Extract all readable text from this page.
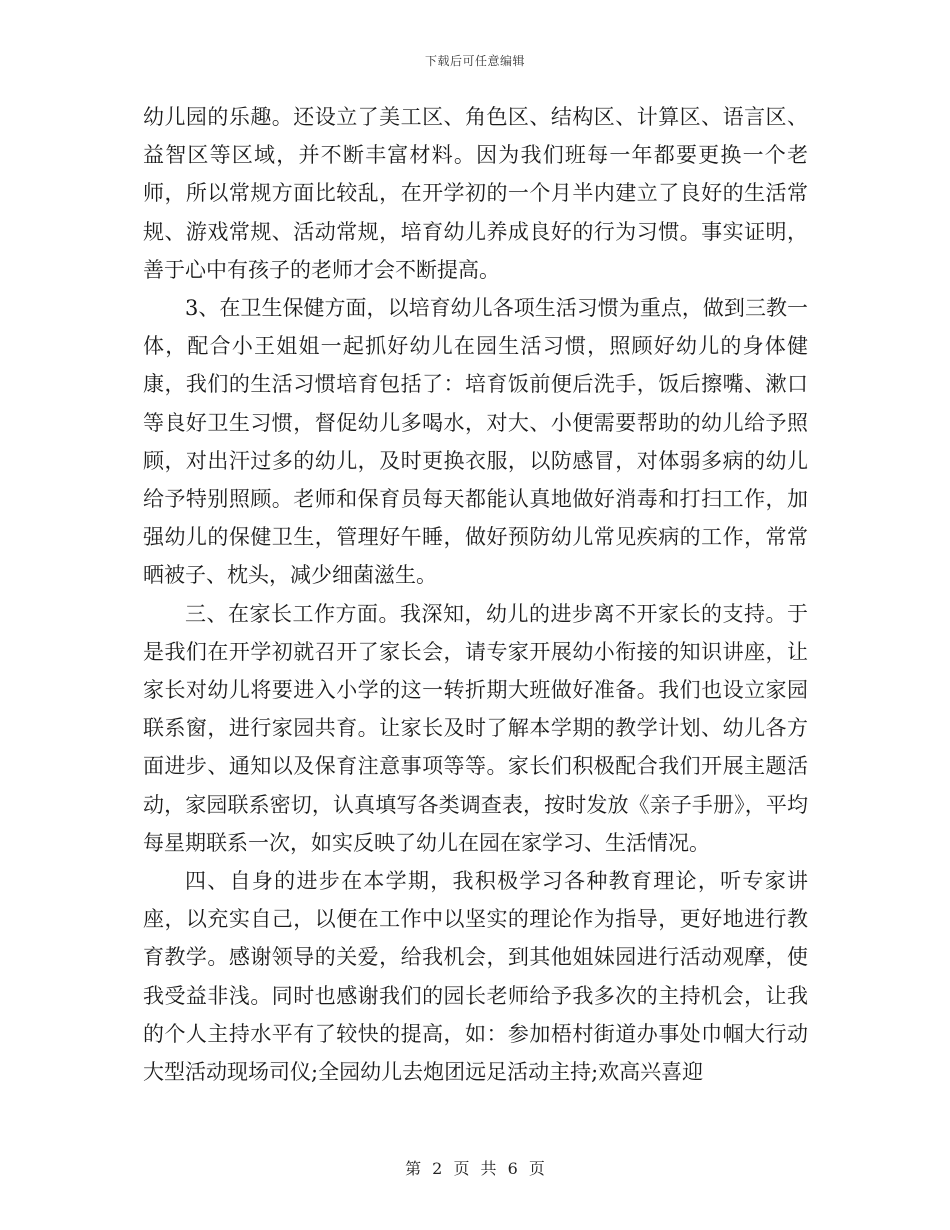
下载后可任意编辑

幼儿园的乐趣。还设立了美工区、角色区、结构区、计算区、语言区、益智区等区域，并不断丰富材料。因为我们班每一年都要更换一个老师，所以常规方面比较乱，在开学初的一个月半内建立了良好的生活常规、游戏常规、活动常规，培育幼儿养成良好的行为习惯。事实证明，善于心中有孩子的老师才会不断提高。

3、在卫生保健方面，以培育幼儿各项生活习惯为重点，做到三教一体，配合小王姐姐一起抓好幼儿在园生活习惯，照顾好幼儿的身体健康，我们的生活习惯培育包括了：培育饭前便后洗手，饭后擦嘴、漱口等良好卫生习惯，督促幼儿多喝水，对大、小便需要帮助的幼儿给予照顾，对出汗过多的幼儿，及时更换衣服，以防感冒，对体弱多病的幼儿给予特别照顾。老师和保育员每天都能认真地做好消毒和打扫工作，加强幼儿的保健卫生，管理好午睡，做好预防幼儿常见疾病的工作，常常晒被子、枕头，减少细菌滋生。

三、在家长工作方面。我深知，幼儿的进步离不开家长的支持。于是我们在开学初就召开了家长会，请专家开展幼小衔接的知识讲座，让家长对幼儿将要进入小学的这一转折期大班做好准备。我们也设立家园联系窗，进行家园共育。让家长及时了解本学期的教学计划、幼儿各方面进步、通知以及保育注意事项等等。家长们积极配合我们开展主题活动，家园联系密切，认真填写各类调查表，按时发放《亲子手册》，平均每星期联系一次，如实反映了幼儿在园在家学习、生活情况。

四、自身的进步在本学期，我积极学习各种教育理论，听专家讲座，以充实自己，以便在工作中以坚实的理论作为指导，更好地进行教育教学。感谢领导的关爱，给我机会，到其他姐妹园进行活动观摩，使我受益非浅。同时也感谢我们的园长老师给予我多次的主持机会，让我的个人主持水平有了较快的提高，如：参加梧村街道办事处巾帼大行动大型活动现场司仪;全园幼儿去炮团远足活动主持;欢高兴喜迎

第 2 页 共 6 页
